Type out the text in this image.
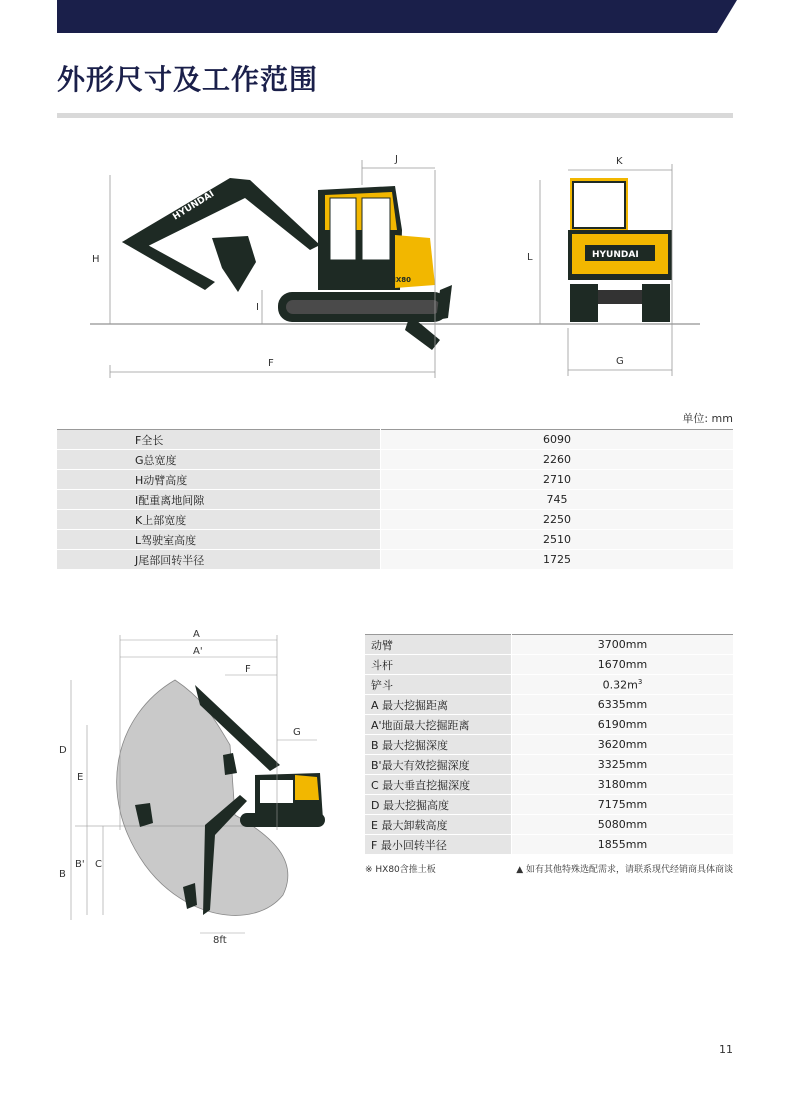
外形尺寸及工作范围
HYUNDAI
HX80
H
I
F
J
HYUNDAI
K
L
G
单位: mm
F全长	6090
G总宽度	2260
H动臂高度	2710
I配重离地间隙	745
K上部宽度	2250
L驾驶室高度	2510
J尾部回转半径	1725
A
A'
F
G
D
E
B
B' C
8ft
动臂	3700mm
斗杆	1670mm
铲斗	$0.32m^3$
A 最大挖掘距离	6335mm
A'地面最大挖掘距离	6190mm
B 最大挖掘深度	3620mm
B'最大有效挖掘深度	3325mm
C 最大垂直挖掘深度	3180mm
D 最大挖掘高度	7175mm
E 最大卸载高度	5080mm
F 最小回转半径	1855mm
※ HX80含推土板	▲ 如有其他特殊选配需求，请联系现代经销商具体商谈
11
